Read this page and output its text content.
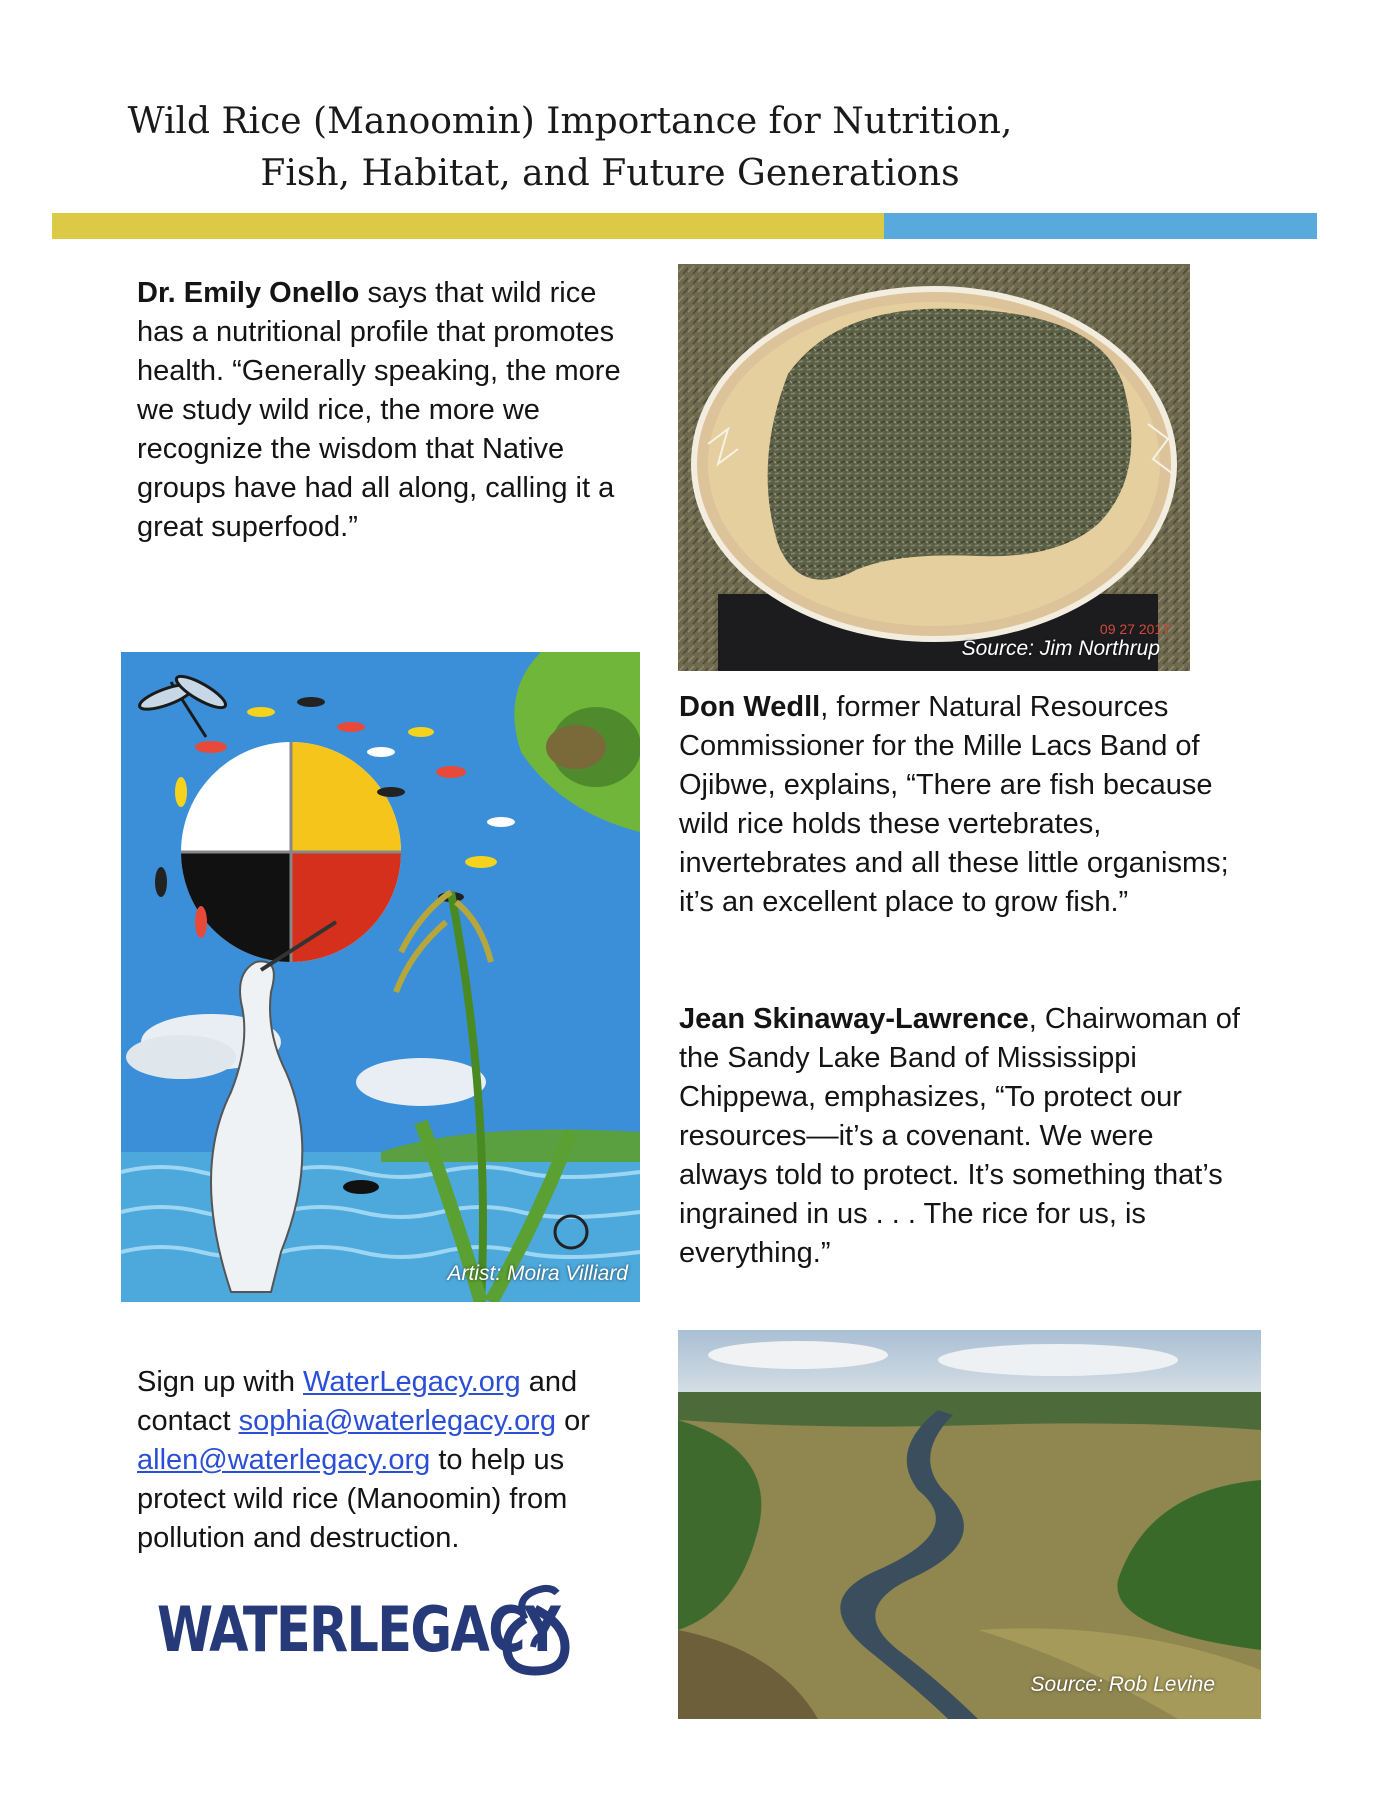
Wild Rice (Manoomin) Importance for Nutrition,
Fish, Habitat, and Future Generations
Dr. Emily Onello says that wild rice has a nutritional profile that promotes health. “Generally speaking, the more we study wild rice, the more we recognize the wisdom that Native groups have had all along, calling it a great superfood.”
09 27 2017
Source: Jim Northrup
Artist: Moira Villiard
Don Wedll, former Natural Resources Commissioner for the Mille Lacs Band of Ojibwe, explains, “There are fish because wild rice holds these vertebrates, invertebrates and all these little organisms; it’s an excellent place to grow fish.”
Jean Skinaway-Lawrence, Chairwoman of the Sandy Lake Band of Mississippi Chippewa, emphasizes, “To protect our resources––it’s a covenant. We were always told to protect. It’s something that’s ingrained in us . . . The rice for us, is everything.”
Sign up with WaterLegacy.org and contact sophia@waterlegacy.org or allen@waterlegacy.org to help us protect wild rice (Manoomin) from pollution and destruction.
Source: Rob Levine
WATERLEGACY
